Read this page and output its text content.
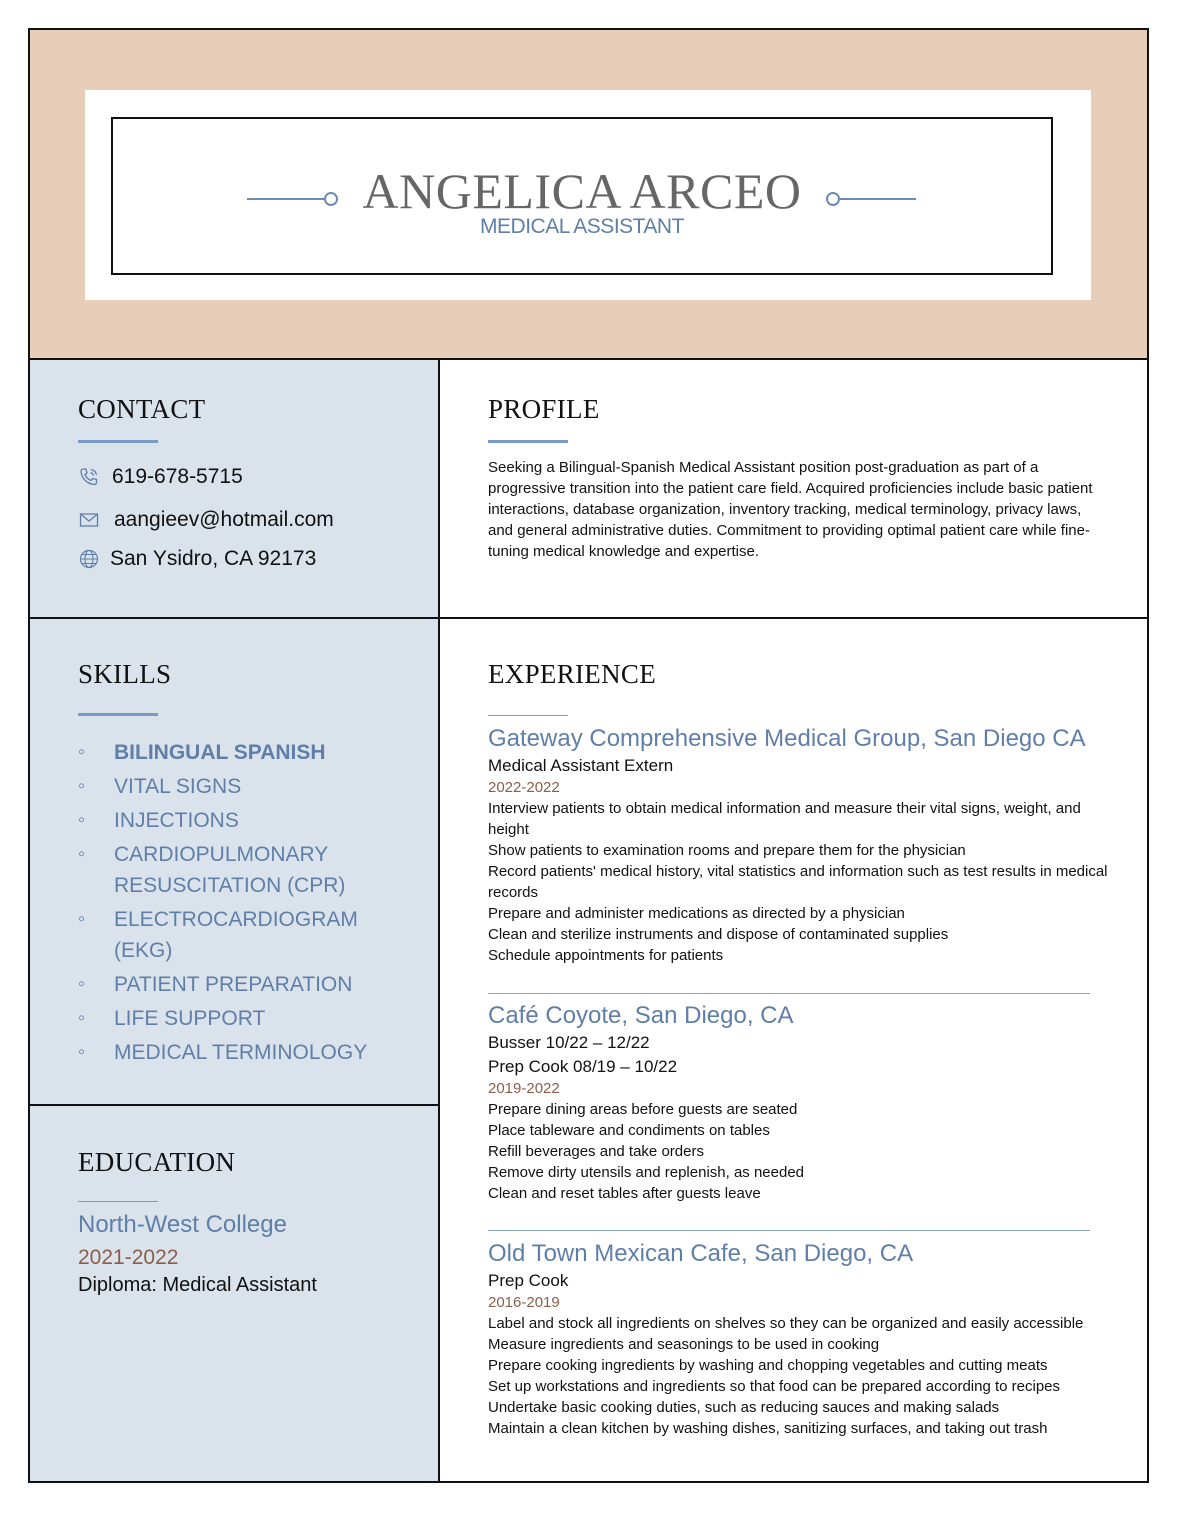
ANGELICA ARCEO
MEDICAL ASSISTANT
CONTACT
619-678-5715
aangieev@hotmail.com
San Ysidro, CA 92173
SKILLS
◦ BILINGUAL SPANISH
◦ VITAL SIGNS
◦ INJECTIONS
◦ CARDIOPULMONARY RESUSCITATION (CPR)
◦ ELECTROCARDIOGRAM (EKG)
◦ PATIENT PREPARATION
◦ LIFE SUPPORT
◦ MEDICAL TERMINOLOGY
EDUCATION
North-West College
2021-2022
Diploma: Medical Assistant
PROFILE
Seeking a Bilingual-Spanish Medical Assistant position post-graduation as part of a progressive transition into the patient care field. Acquired proficiencies include basic patient interactions, database organization, inventory tracking, medical terminology, privacy laws, and general administrative duties. Commitment to providing optimal patient care while fine-tuning medical knowledge and expertise.
EXPERIENCE
Gateway Comprehensive Medical Group, San Diego CA
Medical Assistant Extern
2022-2022
Interview patients to obtain medical information and measure their vital signs, weight, and height
Show patients to examination rooms and prepare them for the physician
Record patients' medical history, vital statistics and information such as test results in medical records
Prepare and administer medications as directed by a physician
Clean and sterilize instruments and dispose of contaminated supplies
Schedule appointments for patients
Café Coyote, San Diego, CA
Busser 10/22 – 12/22
Prep Cook 08/19 – 10/22
2019-2022
Prepare dining areas before guests are seated
Place tableware and condiments on tables
Refill beverages and take orders
Remove dirty utensils and replenish, as needed
Clean and reset tables after guests leave
Old Town Mexican Cafe, San Diego, CA
Prep Cook
2016-2019
Label and stock all ingredients on shelves so they can be organized and easily accessible
Measure ingredients and seasonings to be used in cooking
Prepare cooking ingredients by washing and chopping vegetables and cutting meats
Set up workstations and ingredients so that food can be prepared according to recipes
Undertake basic cooking duties, such as reducing sauces and making salads
Maintain a clean kitchen by washing dishes, sanitizing surfaces, and taking out trash
